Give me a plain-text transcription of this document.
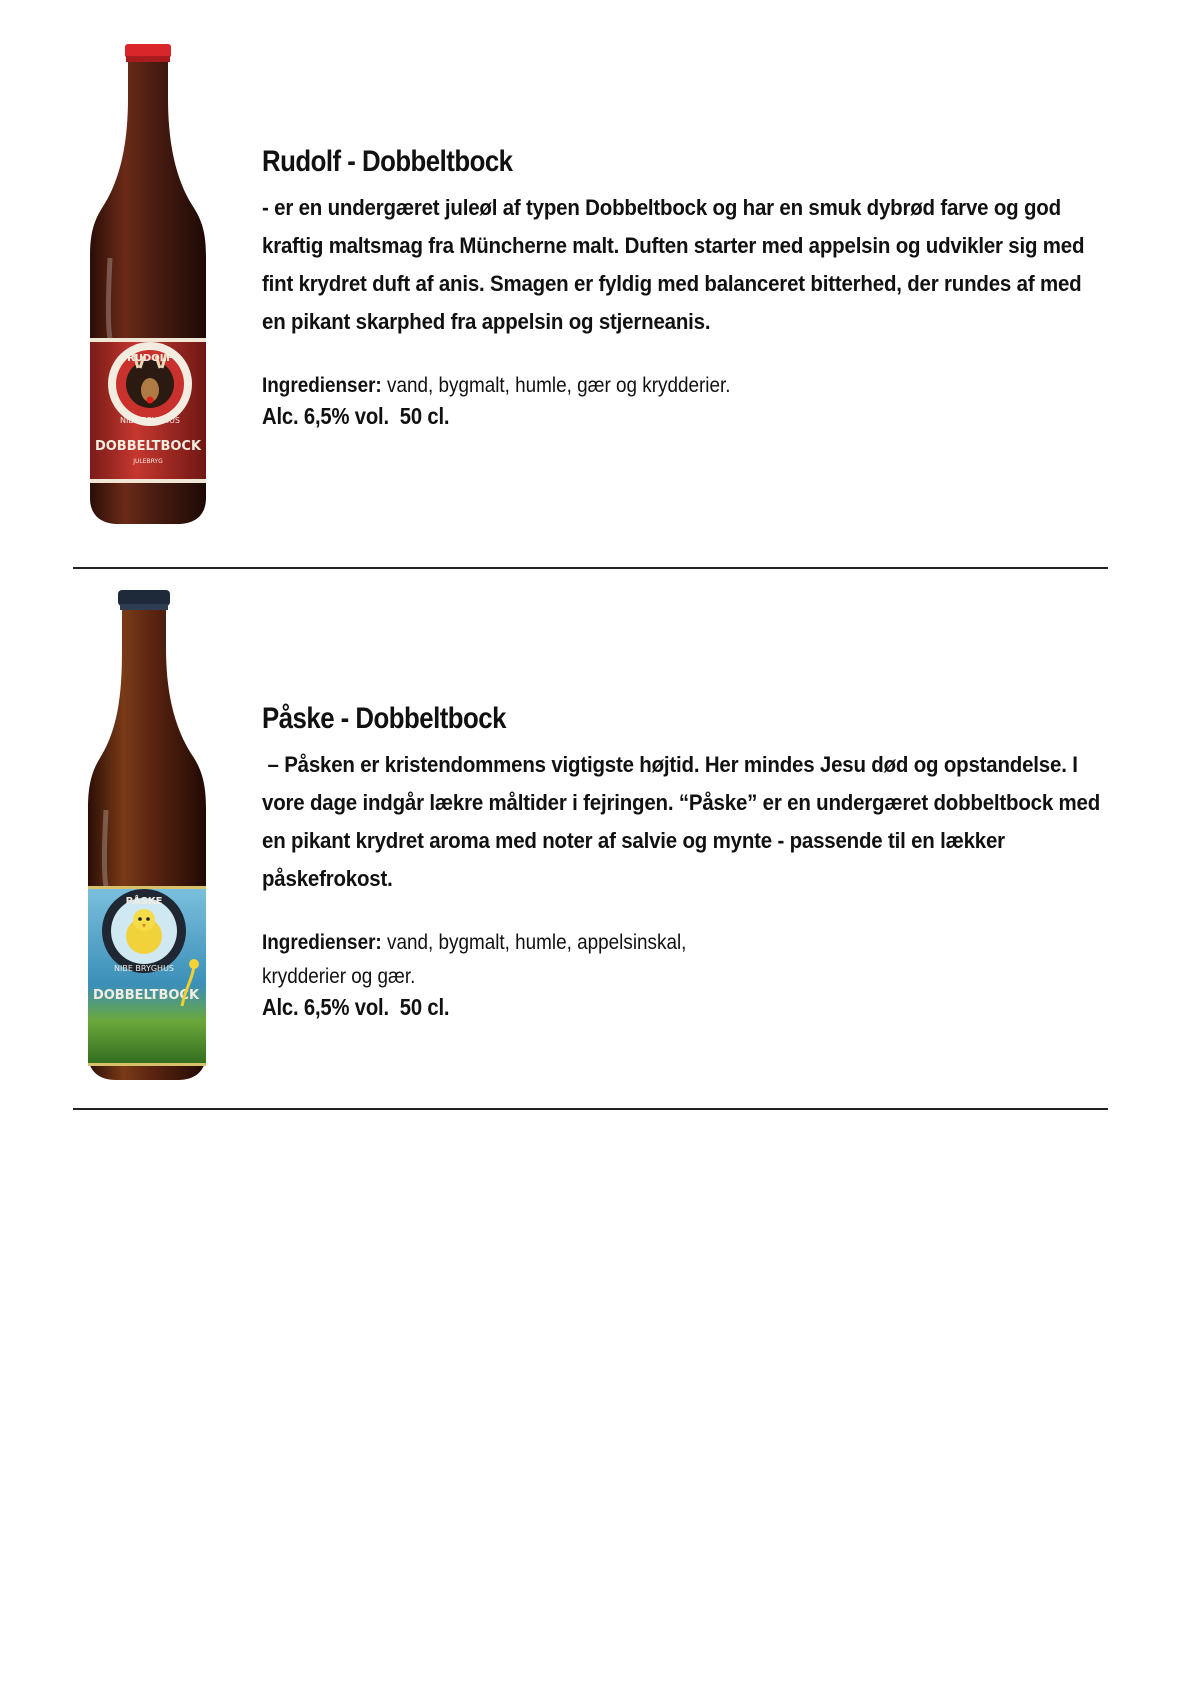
RUDOLF
NIBE BRYGHUS
DOBBELTBOCK
JULEBRYG
Rudolf - Dobbeltbock

- er en undergæret juleøl af typen Dobbeltbock og har en smuk dybrød farve og god kraftig maltsmag fra Müncherne malt. Duften starter med appelsin og udvikler sig med fint krydret duft af anis. Smagen er fyldig med balanceret bitterhed, der rundes af med en pikant skarphed fra appelsin og stjerneanis.

Ingredienser: vand, bygmalt, humle, gær og krydderier.

Alc. 6,5% vol.  50 cl.

PÅSKE
NIBE BRYGHUS
DOBBELTBOCK
Påske - Dobbeltbock

– Påsken er kristendommens vigtigste højtid. Her mindes Jesu død og opstandelse. I vore dage indgår lækre måltider i fejringen. “Påske” er en undergæret dobbeltbock med en pikant krydret aroma med noter af salvie og mynte - passende til en lækker påskefrokost.

Ingredienser: vand, bygmalt, humle, appelsinskal,

krydderier og gær.

Alc. 6,5% vol.  50 cl.
